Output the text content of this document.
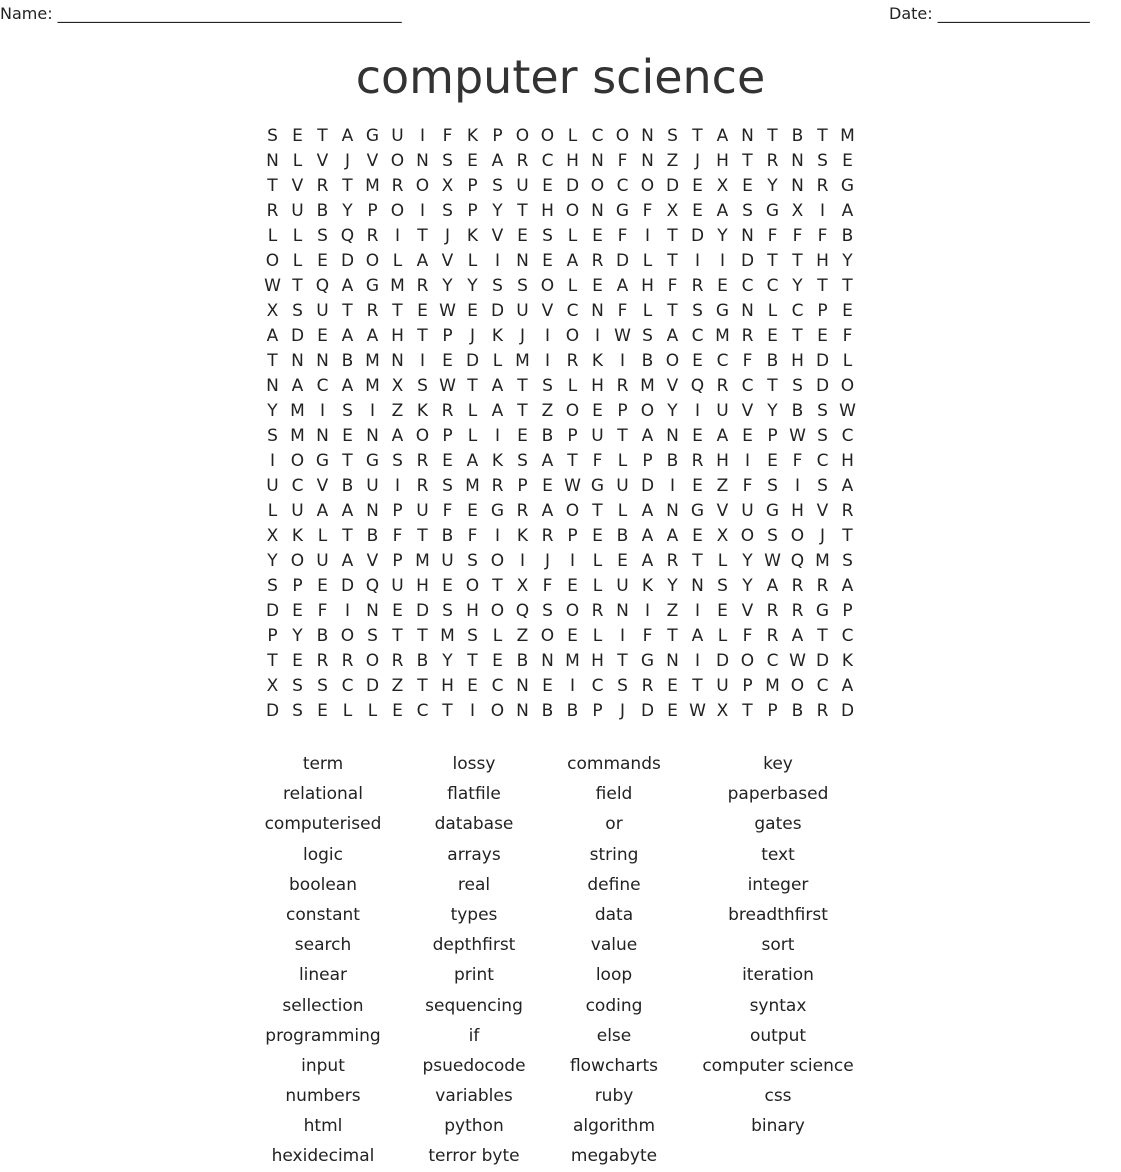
Name: ___________________________________________	Date: ___________________
computer science
S E T A G U I	F K P O O L C O N S T A N T B T M
N L V J V O N S E A R C H N F N Z J H T R N S E
T V R T M R O X P S U E D O C O D E X E Y N R G
R U B Y P O I	S P Y T H O N G F X E A S G X I A
L L S Q R I	T	J K V E S L E F	I	T D Y N F F F B
O L E D O L A V L	I N E A R D L T	I	I D T T H Y
W T Q A G M R Y Y S S O L E A H F R E C C Y T T
X S U T R T E W E D U V C N F L T S G N L C P E
A D E A A H T P	J K J	I O I W S A C M R E T E F
T N N B M N I	E D L M I R K I B O E C F B H D L
N A C A M X S W T A T S L H R M V Q R C T S D O
Y M I	S	I Z K R L A T Z O E P O Y	I U V Y B S W
S M N E N A O P L	I	E B P U T A N E A E P W S C
I O G T G S R E A K S A T F L P B R H I	E F C H
U C V B U I R S M R P E W G U D I	E Z F S	I	S A
L U A A N P U F E G R A O T L A N G V U G H V R
X K L T B F T B F	I K R P E B A A E X O S O J	T
Y O U A V P M U S O I	J	I	L E A R T L Y W Q M S
S P E D Q U H E O T X F E L U K Y N S Y A R R A
D E F	I N E D S H O Q S O R N I Z I	E V R R G P
P Y B O S T T M S L Z O E L	I	F T A L F R A T C
T E R R O R B Y T E B N M H T G N I D O C W D K
X S S C D Z T H E C N E	I C S R E T U P M O C A
D S E L L E C T	I O N B B P	J D E W X T P B R D
term
relational
computerised
logic
boolean
constant
search
linear
sellection
programming
input
numbers
html
hexidecimal
lossy
flatfile
database
arrays
real
types
depthfirst
print
sequencing
if
psuedocode
variables
python
terror byte
commands
field
or
string
define
data
value
loop
coding
else
flowcharts
ruby
algorithm
megabyte
key
paperbased
gates
text
integer
breadthfirst
sort
iteration
syntax
output
computer science
css
binary
